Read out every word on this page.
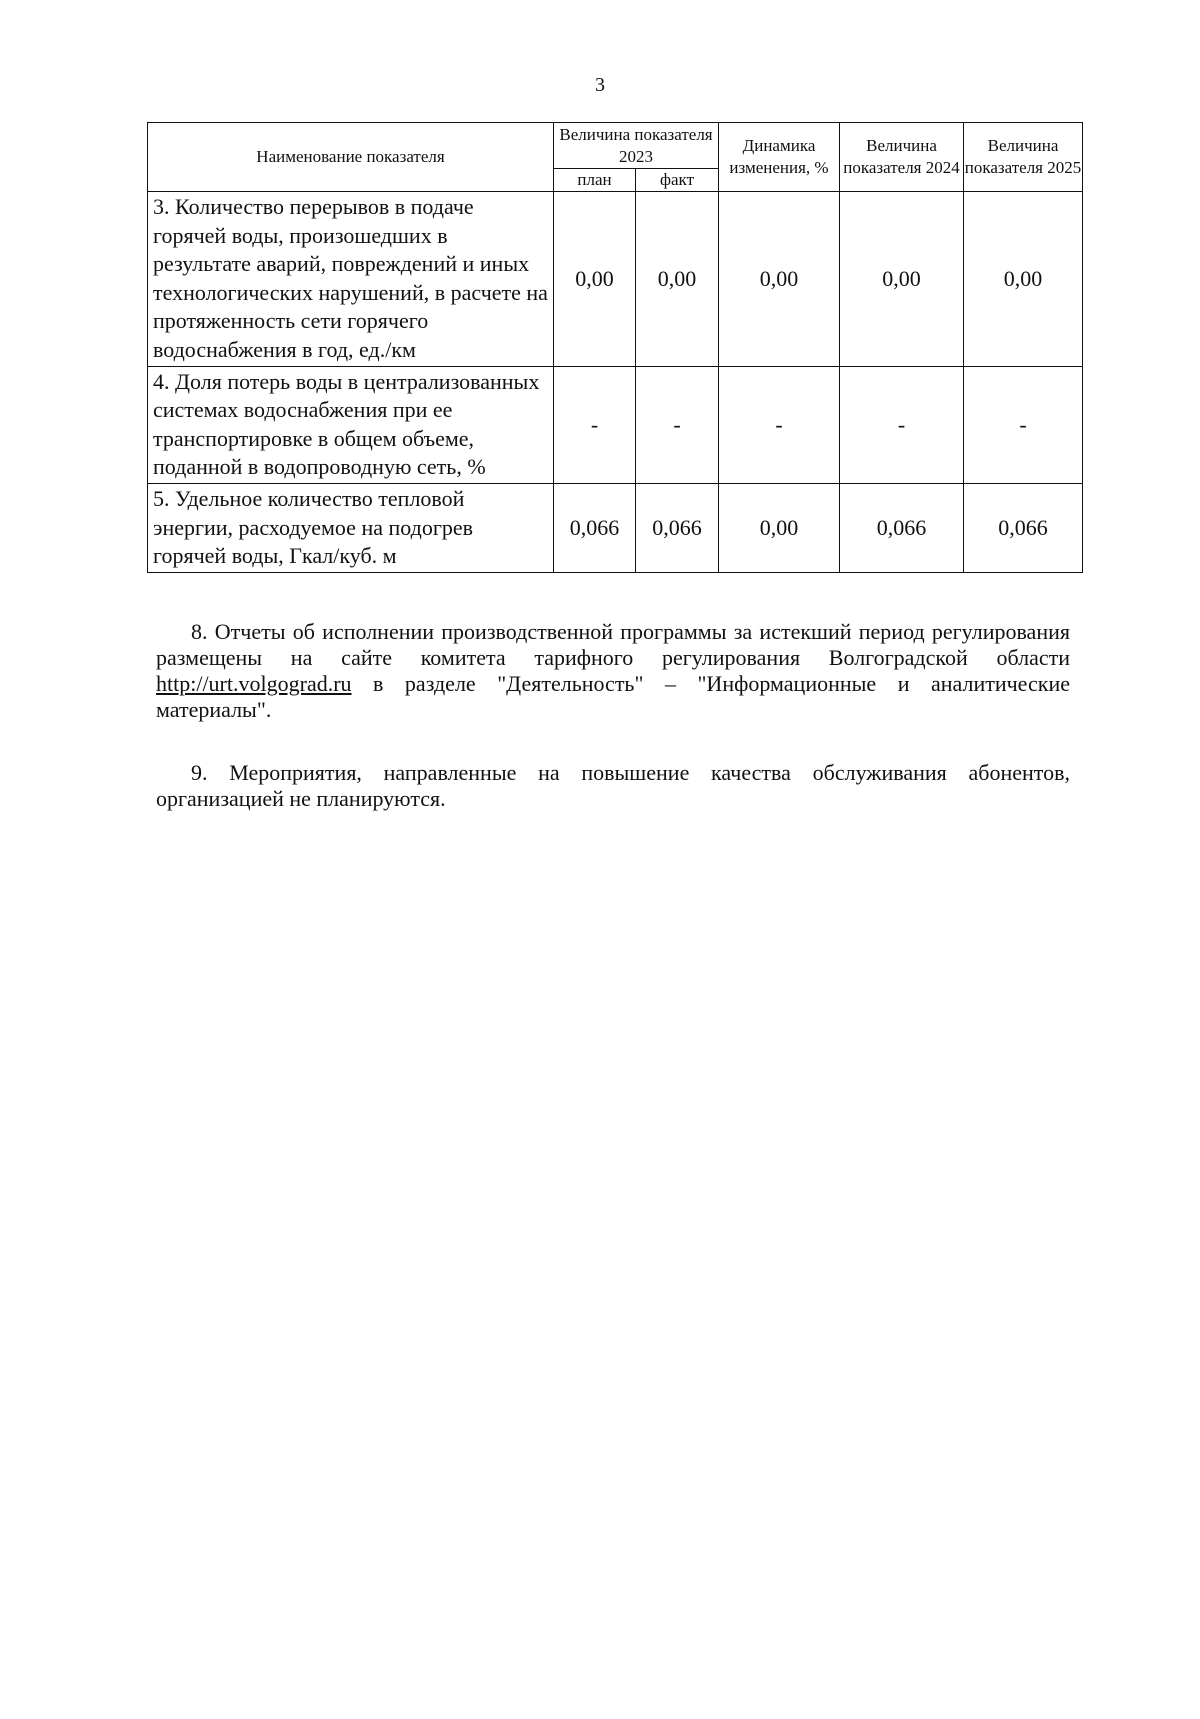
3
Наименование показателя	Величина показателя 2023		Динамика изменения, %	Величина показателя 2024	Величина показателя 2025
	план	факт			
3. Количество перерывов в подаче горячей воды, произошедших в результате аварий, повреждений и иных технологических нарушений, в расчете на протяженность сети горячего водоснабжения в год, ед./км	0,00	0,00	0,00	0,00	0,00
4. Доля потерь воды в централизованных системах водоснабжения при ее транспортировке в общем объеме, поданной в водопроводную сеть, %	-	-	-	-	-
5. Удельное количество тепловой энергии, расходуемое на подогрев горячей воды, Гкал/куб. м	0,066	0,066	0,00	0,066	0,066

8. Отчеты об исполнении производственной программы за истекший период регулирования размещены на сайте комитета тарифного регулирования Волгоградской области http://urt.volgograd.ru в разделе "Деятельность" – "Информационные и аналитические материалы".

9. Мероприятия, направленные на повышение качества обслуживания абонентов, организацией не планируются.
